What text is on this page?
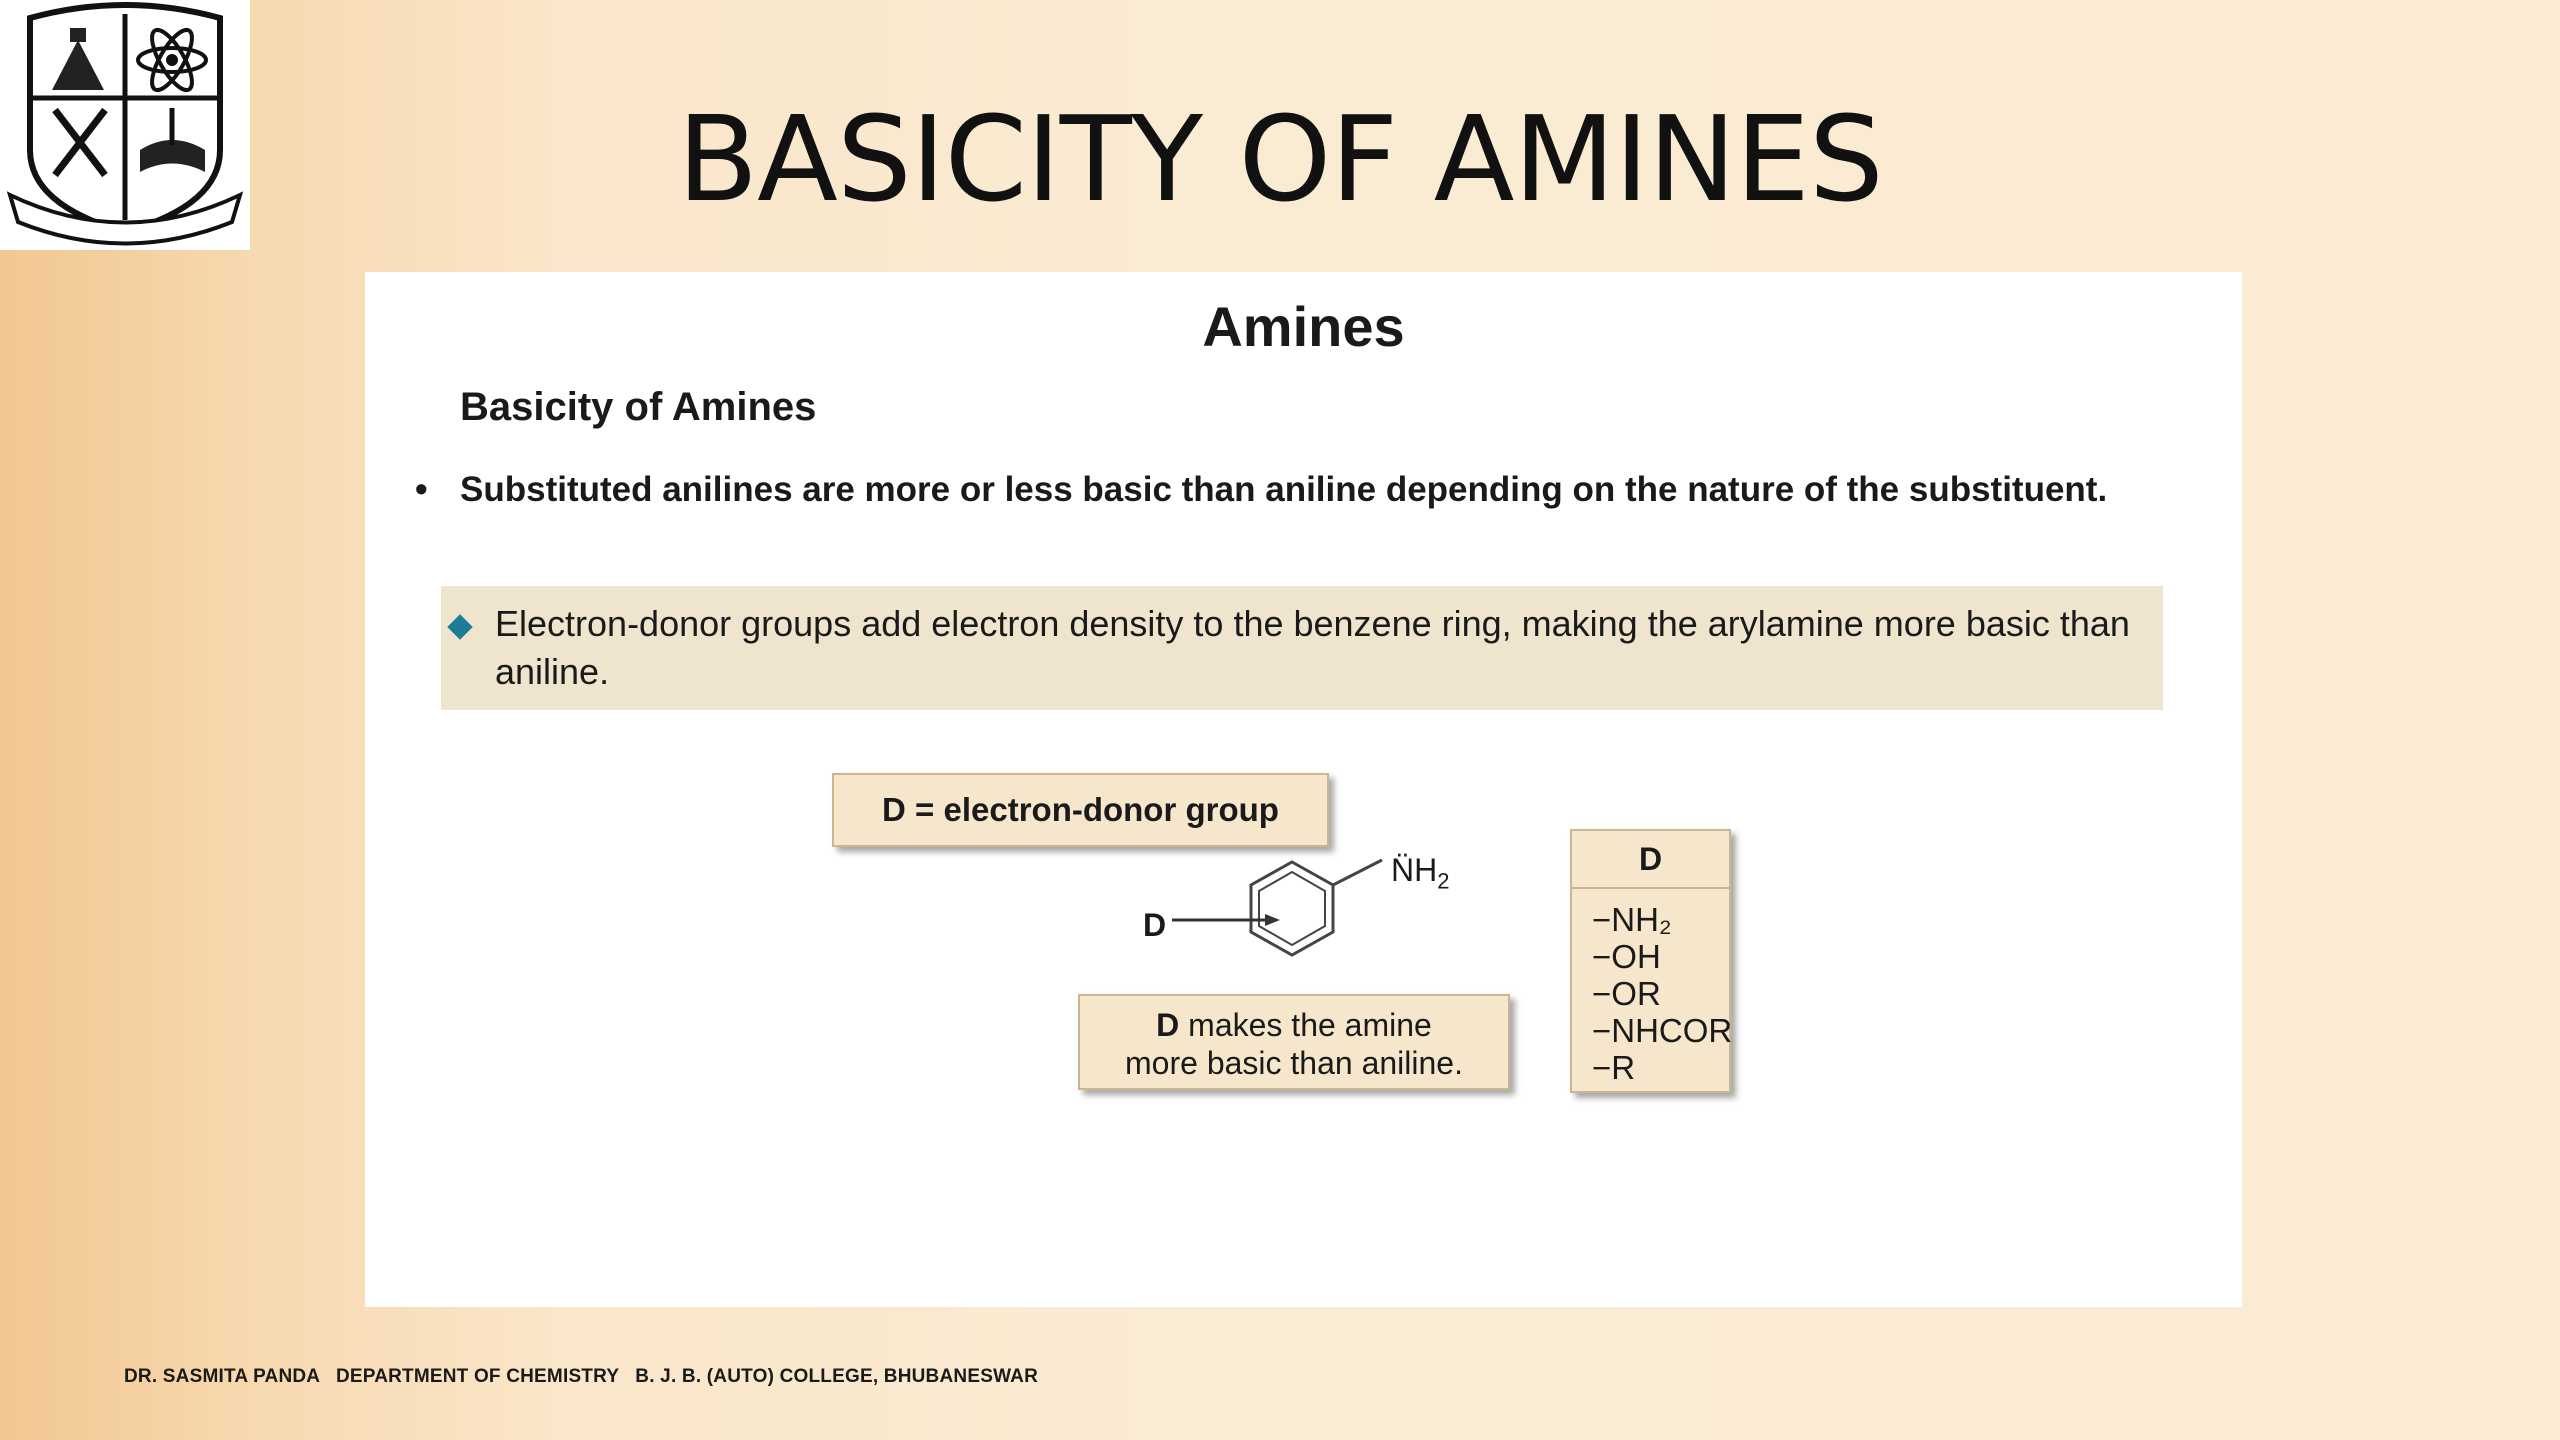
BASICITY OF AMINES
Amines
Basicity of Amines
• Substituted anilines are more or less basic than aniline depending on the nature of the substituent.
Electron-donor groups add electron density to the benzene ring, making the arylamine more basic than aniline.
D = electron-donor group
D
$N̈H_2$
D makes the amine
more basic than aniline.
D
−NH₂
−OH
−OR
−NHCOR
−R
DR. SASMITA PANDA   DEPARTMENT OF CHEMISTRY   B. J. B. (AUTO) COLLEGE, BHUBANESWAR
